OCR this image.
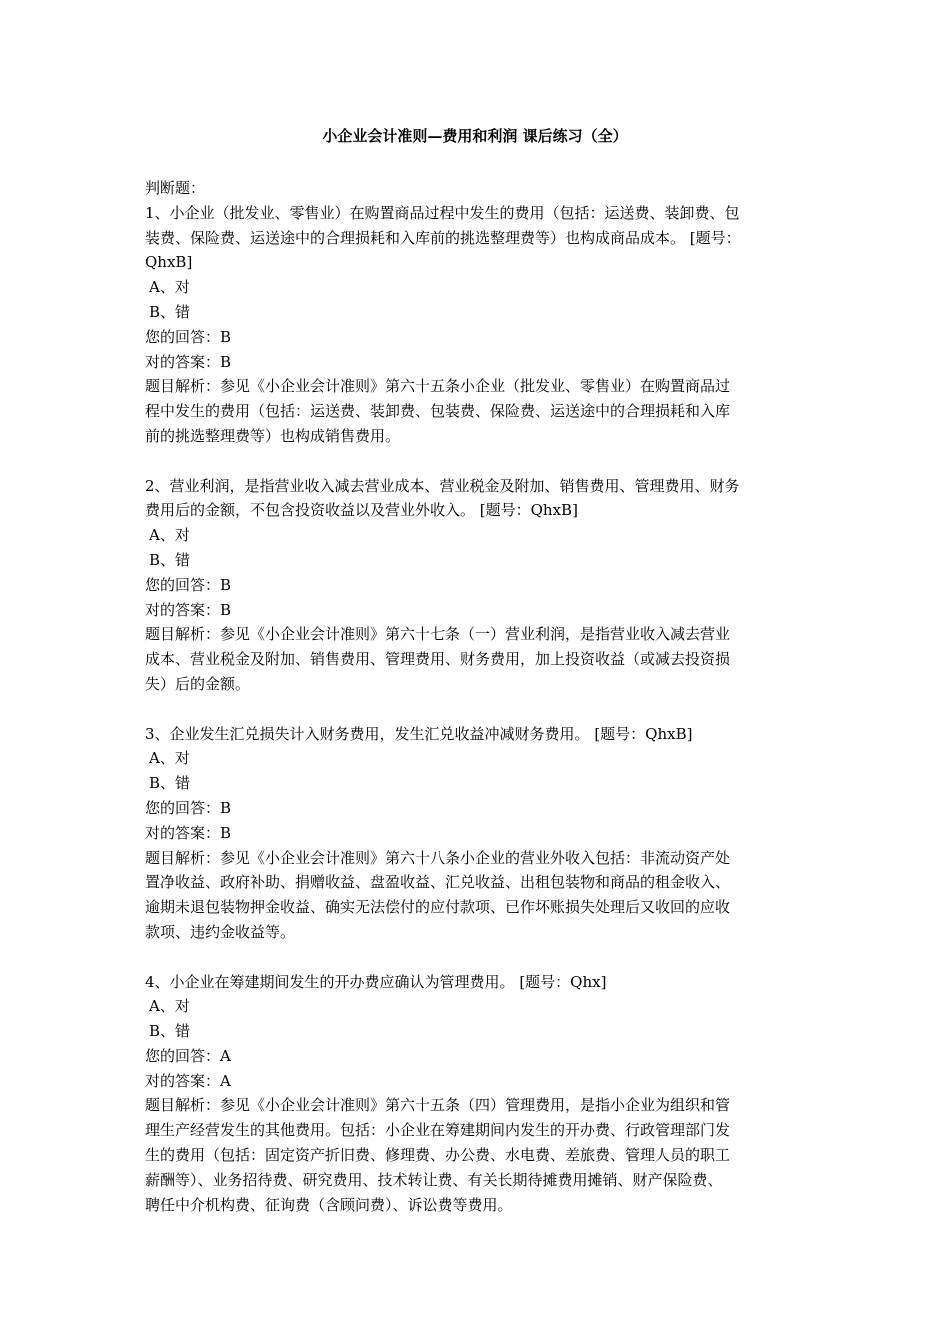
小企业会计准则—费用和利润 课后练习（全）
判断题：
1、小企业（批发业、零售业）在购置商品过程中发生的费用（包括：运送费、装卸费、包
装费、保险费、运送途中的合理损耗和入库前的挑选整理费等）也构成商品成本。 [题号：
QhxB]
A、对
B、错
您的回答：B
对的答案：B
题目解析：参见《小企业会计准则》第六十五条小企业（批发业、零售业）在购置商品过
程中发生的费用（包括：运送费、装卸费、包装费、保险费、运送途中的合理损耗和入库
前的挑选整理费等）也构成销售费用。
2、营业利润，是指营业收入减去营业成本、营业税金及附加、销售费用、管理费用、财务
费用后的金额，不包含投资收益以及营业外收入。 [题号：QhxB]
A、对
B、错
您的回答：B
对的答案：B
题目解析：参见《小企业会计准则》第六十七条（一）营业利润，是指营业收入减去营业
成本、营业税金及附加、销售费用、管理费用、财务费用，加上投资收益（或减去投资损
失）后的金额。
3、企业发生汇兑损失计入财务费用，发生汇兑收益冲减财务费用。 [题号：QhxB]
A、对
B、错
您的回答：B
对的答案：B
题目解析：参见《小企业会计准则》第六十八条小企业的营业外收入包括：非流动资产处
置净收益、政府补助、捐赠收益、盘盈收益、汇兑收益、出租包装物和商品的租金收入、
逾期未退包装物押金收益、确实无法偿付的应付款项、已作坏账损失处理后又收回的应收
款项、违约金收益等。
4、小企业在筹建期间发生的开办费应确认为管理费用。 [题号：Qhx]
A、对
B、错
您的回答：A
对的答案：A
题目解析：参见《小企业会计准则》第六十五条（四）管理费用，是指小企业为组织和管
理生产经营发生的其他费用。包括：小企业在筹建期间内发生的开办费、行政管理部门发
生的费用（包括：固定资产折旧费、修理费、办公费、水电费、差旅费、管理人员的职工
薪酬等）、业务招待费、研究费用、技术转让费、有关长期待摊费用摊销、财产保险费、
聘任中介机构费、征询费（含顾问费）、诉讼费等费用。
